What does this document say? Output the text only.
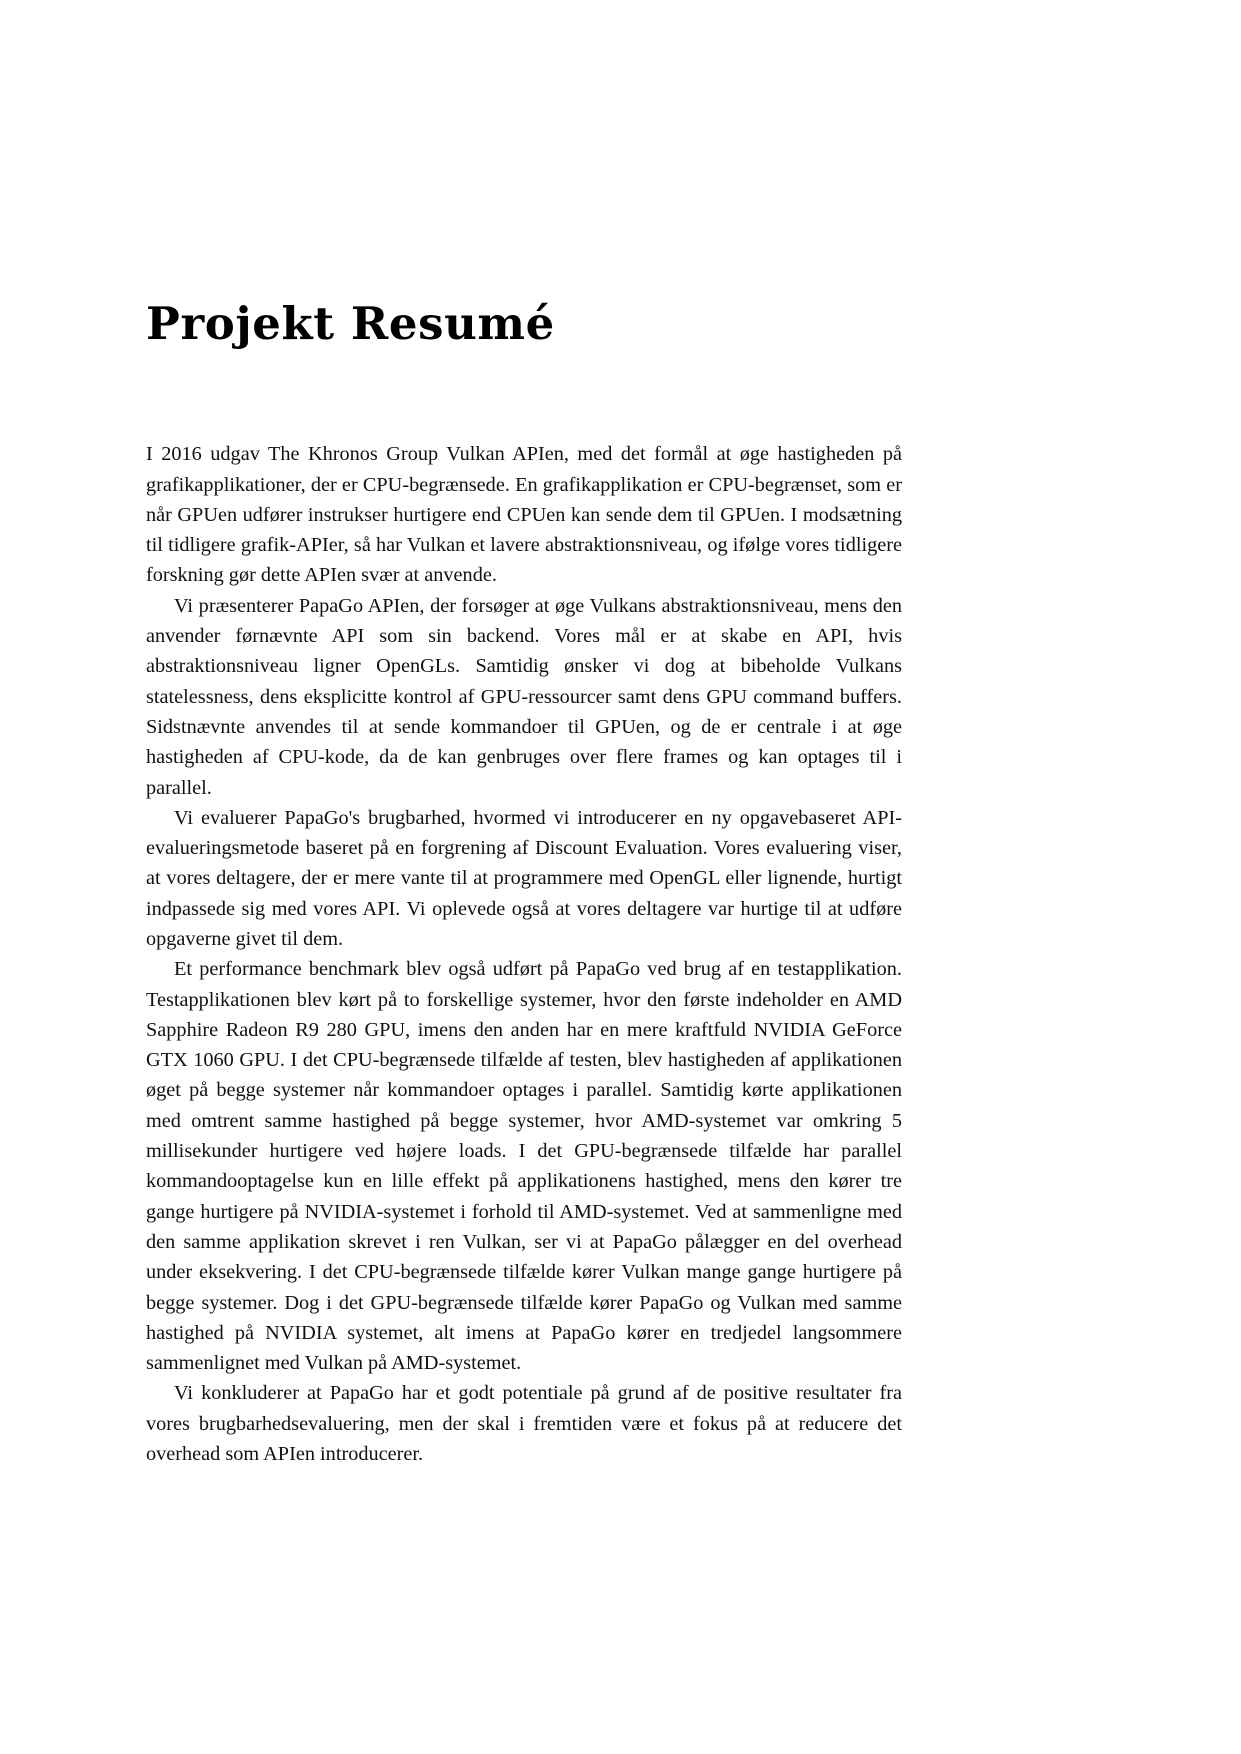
Projekt Resumé

I 2016 udgav The Khronos Group Vulkan APIen, med det formål at øge hastigheden på grafikapplikationer, der er CPU-begrænsede. En grafikapplikation er CPU-begrænset, som er når GPUen udfører instrukser hurtigere end CPUen kan sende dem til GPUen. I modsætning til tidligere grafik-APIer, så har Vulkan et lavere abstraktionsniveau, og ifølge vores tidligere forskning gør dette APIen svær at anvende.

Vi præsenterer PapaGo APIen, der forsøger at øge Vulkans abstraktionsniveau, mens den anvender førnævnte API som sin backend. Vores mål er at skabe en API, hvis abstraktionsniveau ligner OpenGLs. Samtidig ønsker vi dog at bibeholde Vulkans statelessness, dens eksplicitte kontrol af GPU-ressourcer samt dens GPU command buffers. Sidstnævnte anvendes til at sende kommandoer til GPUen, og de er centrale i at øge hastigheden af CPU-kode, da de kan genbruges over flere frames og kan optages til i parallel.

Vi evaluerer PapaGo's brugbarhed, hvormed vi introducerer en ny opgavebaseret API-evalueringsmetode baseret på en forgrening af Discount Evaluation. Vores evaluering viser, at vores deltagere, der er mere vante til at programmere med OpenGL eller lignende, hurtigt indpassede sig med vores API. Vi oplevede også at vores deltagere var hurtige til at udføre opgaverne givet til dem.

Et performance benchmark blev også udført på PapaGo ved brug af en testapplikation. Testapplikationen blev kørt på to forskellige systemer, hvor den første indeholder en AMD Sapphire Radeon R9 280 GPU, imens den anden har en mere kraftfuld NVIDIA GeForce GTX 1060 GPU. I det CPU-begrænsede tilfælde af testen, blev hastigheden af applikationen øget på begge systemer når kommandoer optages i parallel. Samtidig kørte applikationen med omtrent samme hastighed på begge systemer, hvor AMD-systemet var omkring 5 millisekunder hurtigere ved højere loads. I det GPU-begrænsede tilfælde har parallel kommandooptagelse kun en lille effekt på applikationens hastighed, mens den kører tre gange hurtigere på NVIDIA-systemet i forhold til AMD-systemet. Ved at sammenligne med den samme applikation skrevet i ren Vulkan, ser vi at PapaGo pålægger en del overhead under eksekvering. I det CPU-begrænsede tilfælde kører Vulkan mange gange hurtigere på begge systemer. Dog i det GPU-begrænsede tilfælde kører PapaGo og Vulkan med samme hastighed på NVIDIA systemet, alt imens at PapaGo kører en tredjedel langsommere sammenlignet med Vulkan på AMD-systemet.

Vi konkluderer at PapaGo har et godt potentiale på grund af de positive resultater fra vores brugbarhedsevaluering, men der skal i fremtiden være et fokus på at reducere det overhead som APIen introducerer.
